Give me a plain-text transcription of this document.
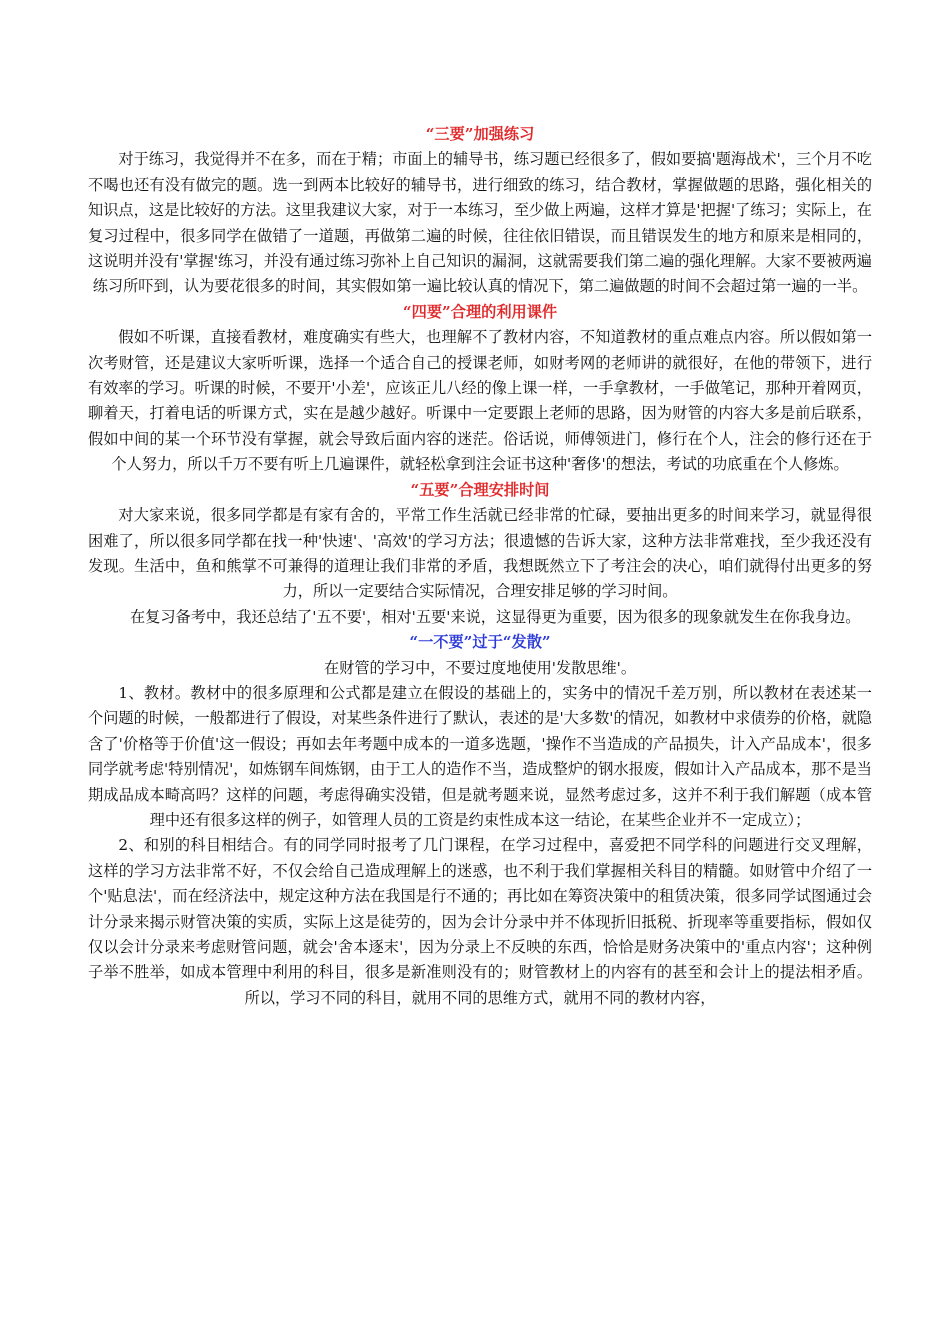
“三要”加强练习

对于练习，我觉得并不在多，而在于精；市面上的辅导书，练习题已经很多了，假如要搞'题海战术'，三个月不吃不喝也还有没有做完的题。选一到两本比较好的辅导书，进行细致的练习，结合教材，掌握做题的思路，强化相关的知识点，这是比较好的方法。这里我建议大家，对于一本练习，至少做上两遍，这样才算是'把握'了练习；实际上，在复习过程中，很多同学在做错了一道题，再做第二遍的时候，往往依旧错误，而且错误发生的地方和原来是相同的，这说明并没有'掌握'练习，并没有通过练习弥补上自己知识的漏洞，这就需要我们第二遍的强化理解。大家不要被两遍练习所吓到，认为要花很多的时间，其实假如第一遍比较认真的情况下，第二遍做题的时间不会超过第一遍的一半。

“四要”合理的利用课件

假如不听课，直接看教材，难度确实有些大，也理解不了教材内容，不知道教材的重点难点内容。所以假如第一次考财管，还是建议大家听听课，选择一个适合自己的授课老师，如财考网的老师讲的就很好，在他的带领下，进行有效率的学习。听课的时候，不要开'小差'，应该正儿八经的像上课一样，一手拿教材，一手做笔记，那种开着网页，聊着天，打着电话的听课方式，实在是越少越好。听课中一定要跟上老师的思路，因为财管的内容大多是前后联系，假如中间的某一个环节没有掌握，就会导致后面内容的迷茫。俗话说，师傅领进门，修行在个人，注会的修行还在于个人努力，所以千万不要有听上几遍课件，就轻松拿到注会证书这种'奢侈'的想法，考试的功底重在个人修炼。

“五要”合理安排时间

对大家来说，很多同学都是有家有舍的，平常工作生活就已经非常的忙碌，要抽出更多的时间来学习，就显得很困难了，所以很多同学都在找一种'快速'、'高效'的学习方法；很遗憾的告诉大家，这种方法非常难找，至少我还没有发现。生活中，鱼和熊掌不可兼得的道理让我们非常的矛盾，我想既然立下了考注会的决心，咱们就得付出更多的努力，所以一定要结合实际情况，合理安排足够的学习时间。

在复习备考中，我还总结了'五不要'，相对'五要'来说，这显得更为重要，因为很多的现象就发生在你我身边。

“一不要”过于“发散”

在财管的学习中，不要过度地使用'发散思维'。

1、教材。教材中的很多原理和公式都是建立在假设的基础上的，实务中的情况千差万别，所以教材在表述某一个问题的时候，一般都进行了假设，对某些条件进行了默认，表述的是'大多数'的情况，如教材中求债券的价格，就隐含了'价格等于价值'这一假设；再如去年考题中成本的一道多选题，'操作不当造成的产品损失，计入产品成本'，很多同学就考虑'特别情况'，如炼钢车间炼钢，由于工人的造作不当，造成整炉的钢水报废，假如计入产品成本，那不是当期成品成本畸高吗？这样的问题，考虑得确实没错，但是就考题来说，显然考虑过多，这并不利于我们解题（成本管理中还有很多这样的例子，如管理人员的工资是约束性成本这一结论，在某些企业并不一定成立）；

2、和别的科目相结合。有的同学同时报考了几门课程，在学习过程中，喜爱把不同学科的问题进行交叉理解，这样的学习方法非常不好，不仅会给自己造成理解上的迷惑，也不利于我们掌握相关科目的精髓。如财管中介绍了一个'贴息法'，而在经济法中，规定这种方法在我国是行不通的；再比如在筹资决策中的租赁决策，很多同学试图通过会计分录来揭示财管决策的实质，实际上这是徒劳的，因为会计分录中并不体现折旧抵税、折现率等重要指标，假如仅仅以会计分录来考虑财管问题，就会'舍本逐末'，因为分录上不反映的东西，恰恰是财务决策中的'重点内容'；这种例子举不胜举，如成本管理中利用的科目，很多是新准则没有的；财管教材上的内容有的甚至和会计上的提法相矛盾。所以，学习不同的科目，就用不同的思维方式，就用不同的教材内容，
